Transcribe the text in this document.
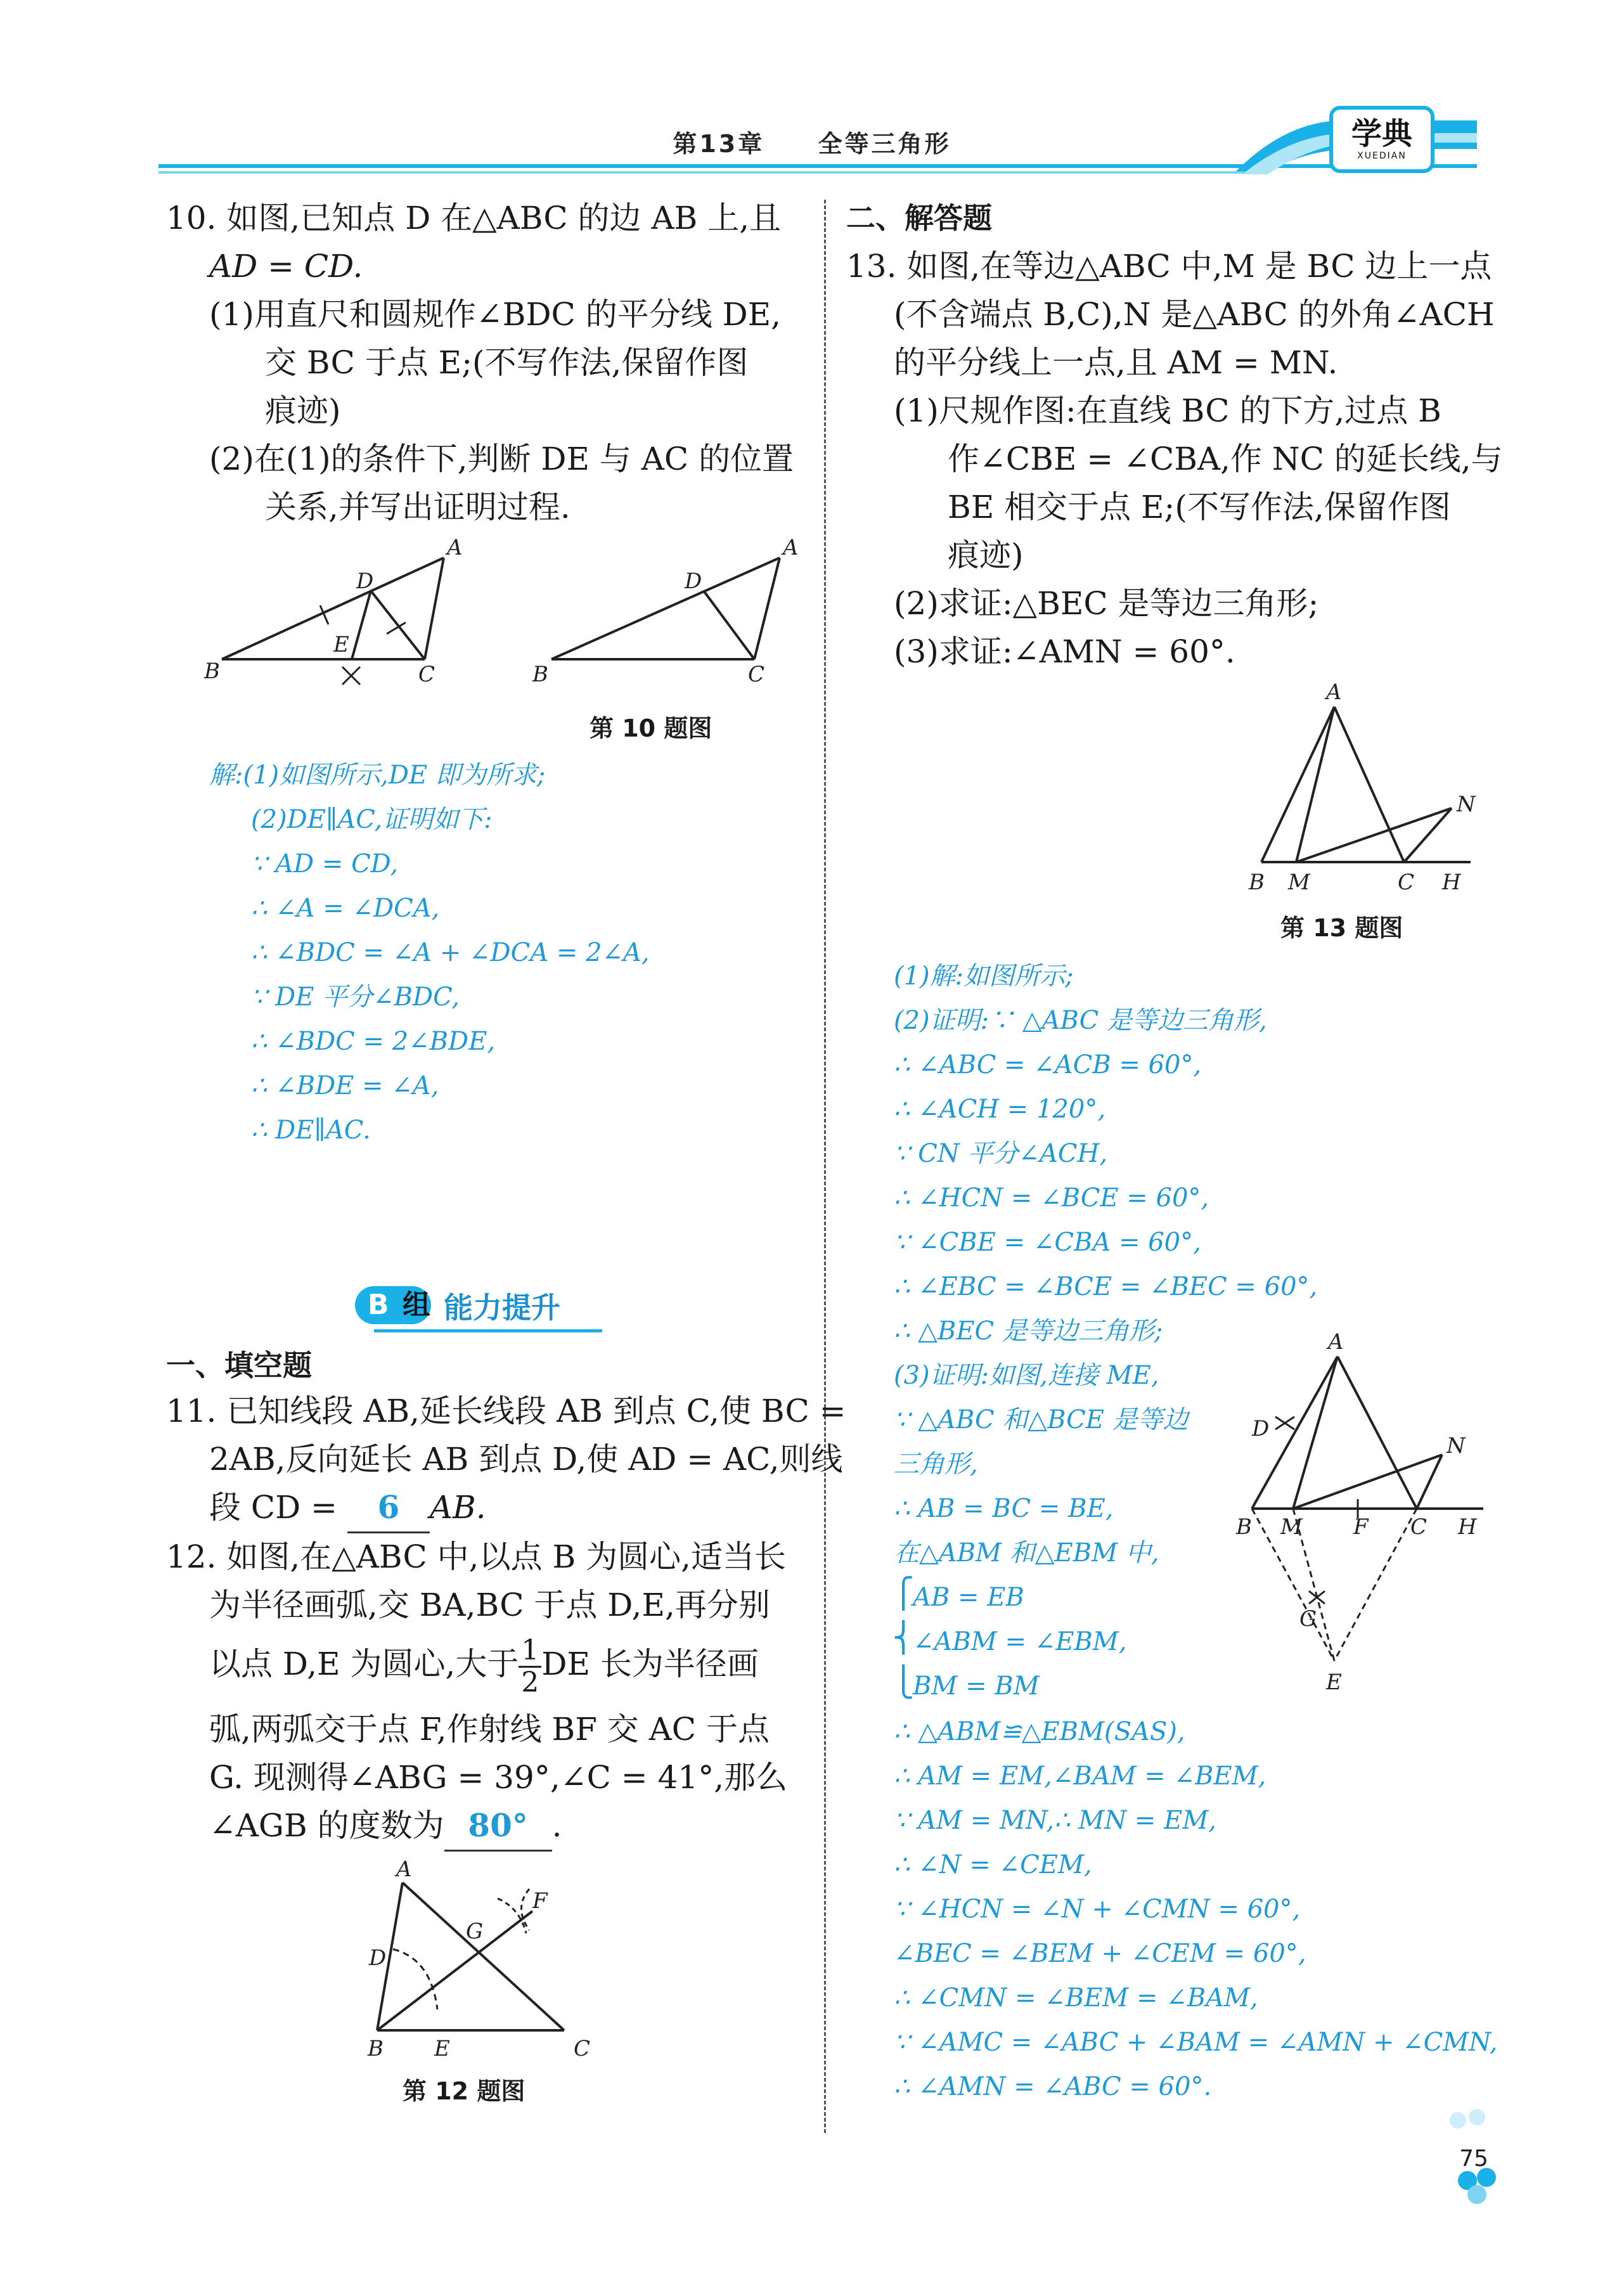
学典
XUEDIAN
第13章 全等三角形
10. 如图,已知点 D 在△ABC 的边 AB 上,且
AD = CD.
(1)用直尺和圆规作∠BDC 的平分线 DE,
交 BC 于点 E;(不写作法,保留作图
痕迹)
(2)在(1)的条件下,判断 DE 与 AC 的位置
关系,并写出证明过程.
A
D
E
B	C
A
D
B	C
第 10 题图
解:(1)如图所示,DE 即为所求;
(2)DE∥AC,证明如下:
∵ AD = CD,
∴ ∠A = ∠DCA,
∴ ∠BDC = ∠A + ∠DCA = 2∠A,
∵ DE 平分∠BDC,
∴ ∠BDC = 2∠BDE,
∴ ∠BDE = ∠A,
∴ DE∥AC.
B 组 能力提升
一、填空题
11. 已知线段 AB,延长线段 AB 到点 C,使 BC =
2AB,反向延长 AB 到点 D,使 AD = AC,则线
段 CD = 6 AB.
12. 如图,在△ABC 中,以点 B 为圆心,适当长
为半径画弧,交 BA,BC 于点 D,E,再分别
以点 D,E 为圆心,大于 $\frac{1}{2}$ DE 长为半径画
弧,两弧交于点 F,作射线 BF 交 AC 于点
G. 现测得∠ABG = 39°,∠C = 41°,那么
∠AGB 的度数为 80° .
A
D
G
F
B E	C
第 12 题图
二、解答题
13. 如图,在等边△ABC 中,M 是 BC 边上一点
(不含端点 B,C),N 是△ABC 的外角∠ACH
的平分线上一点,且 AM = MN.
(1)尺规作图:在直线 BC 的下方,过点 B
作∠CBE = ∠CBA,作 NC 的延长线,与
BE 相交于点 E;(不写作法,保留作图
痕迹)
(2)求证:△BEC 是等边三角形;
(3)求证:∠AMN = 60°.
A
N
B M	C H
第 13 题图
(1)解:如图所示;
(2)证明:∵ △ABC 是等边三角形,
∴ ∠ABC = ∠ACB = 60°,
∴ ∠ACH = 120°,
∵ CN 平分∠ACH,
∴ ∠HCN = ∠BCE = 60°,
∵ ∠CBE = ∠CBA = 60°,
∴ ∠EBC = ∠BCE = ∠BEC = 60°,
∴ △BEC 是等边三角形;
(3)证明:如图,连接 ME,
∵ △ABC 和△BCE 是等边
三角形,
∴ AB = BC = BE,
在△ABM 和△EBM 中,
⎧
⎨
⎩
AB = EB
∠ABM = ∠EBM,
BM = BM
∴ △ABM≌△EBM(SAS),
∴ AM = EM,∠BAM = ∠BEM,
∵ AM = MN,∴ MN = EM,
∴ ∠N = ∠CEM,
∵ ∠HCN = ∠N + ∠CMN = 60°,
∠BEC = ∠BEM + ∠CEM = 60°,
∴ ∠CMN = ∠BEM = ∠BAM,
∵ ∠AMC = ∠ABC + ∠BAM = ∠AMN + ∠CMN,
∴ ∠AMN = ∠ABC = 60°.
A
D
N
B M F C H
G
E
75
